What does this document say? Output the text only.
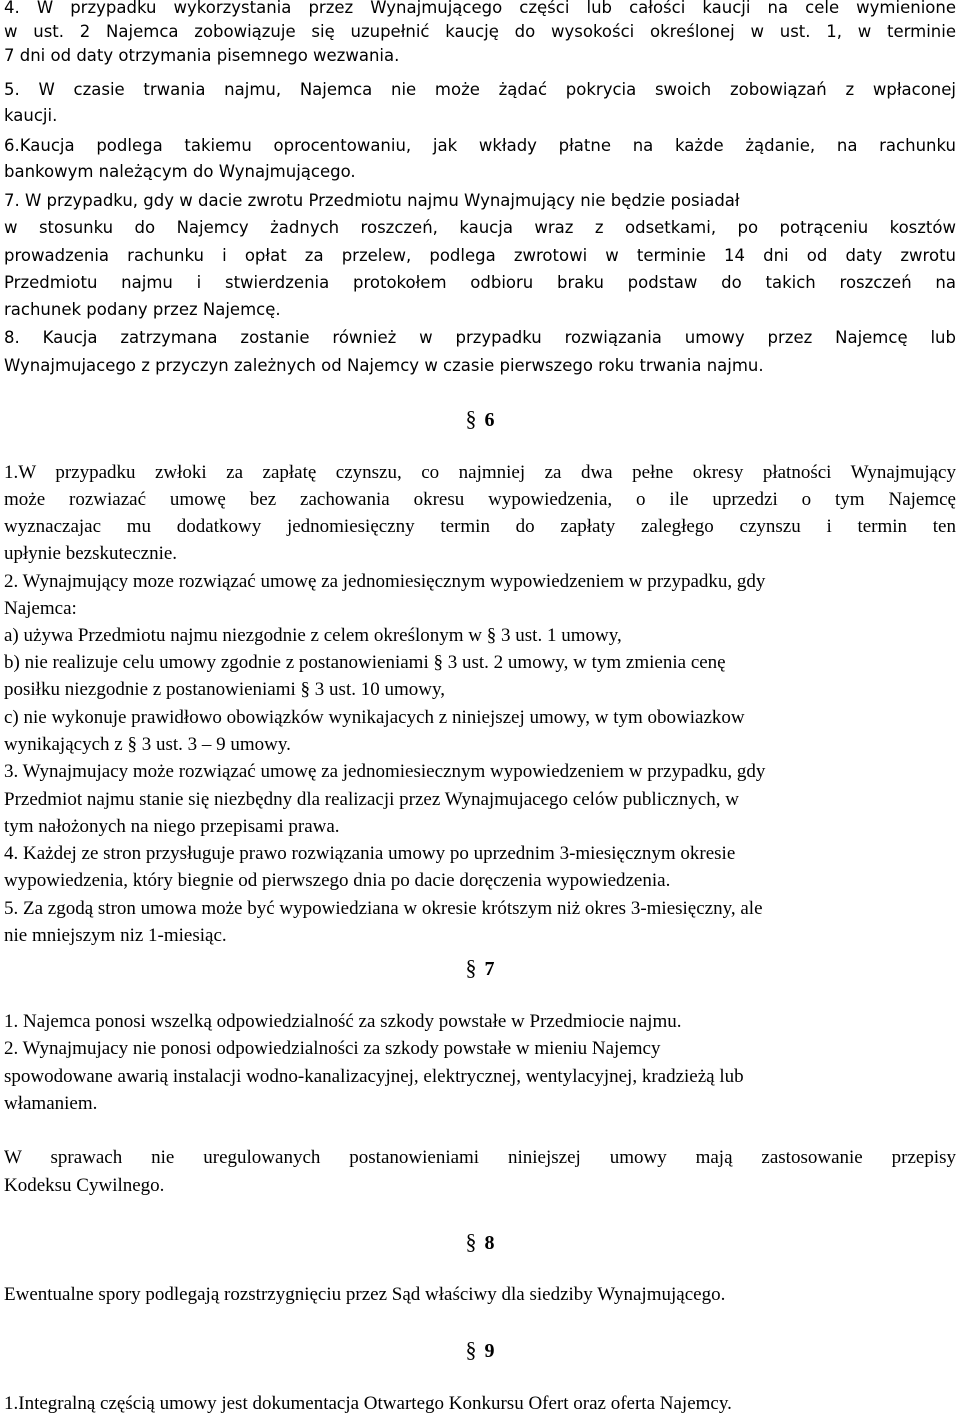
4. W przypadku wykorzystania przez Wynajmującego części lub całości kaucji na cele wymienione
w ust. 2 Najemca zobowiązuje się uzupełnić kaucję do wysokości określonej w ust. 1, w terminie
7 dni od daty otrzymania pisemnego wezwania.
5. W czasie trwania najmu, Najemca nie może żądać pokrycia swoich zobowiązań z wpłaconej
kaucji.
6.Kaucja podlega takiemu oprocentowaniu, jak wkłady płatne na każde żądanie, na rachunku
bankowym należącym do Wynajmującego.
7. W przypadku, gdy w dacie zwrotu Przedmiotu najmu Wynajmujący nie będzie posiadał
w stosunku do Najemcy żadnych roszczeń, kaucja wraz z odsetkami, po potrąceniu kosztów
prowadzenia rachunku i opłat za przelew, podlega zwrotowi w terminie 14 dni od daty zwrotu
Przedmiotu najmu i stwierdzenia protokołem odbioru braku podstaw do takich roszczeń na
rachunek podany przez Najemcę.
8. Kaucja zatrzymana zostanie również w przypadku rozwiązania umowy przez Najemcę lub
Wynajmujacego z przyczyn zależnych od Najemcy w czasie pierwszego roku trwania najmu.
§ 6
1.W przypadku zwłoki za zapłatę czynszu, co najmniej za dwa pełne okresy płatności Wynajmujący
może rozwiazać umowę bez zachowania okresu wypowiedzenia, o ile uprzedzi o tym Najemcę
wyznaczajac mu dodatkowy jednomiesięczny termin do zapłaty zaległego czynszu i termin ten
upłynie bezskutecznie.
2. Wynajmujący moze rozwiązać umowę za jednomiesięcznym wypowiedzeniem w przypadku, gdy
Najemca:
a) używa Przedmiotu najmu niezgodnie z celem określonym w § 3 ust. 1 umowy,
b) nie realizuje celu umowy zgodnie z postanowieniami § 3 ust. 2 umowy, w tym zmienia cenę
posiłku niezgodnie z postanowieniami § 3 ust. 10 umowy,
c) nie wykonuje prawidłowo obowiązków wynikajacych z niniejszej umowy, w tym obowiazkow
wynikających z § 3 ust. 3 – 9 umowy.
3. Wynajmujacy może rozwiązać umowę za jednomiesiecznym wypowiedzeniem w przypadku, gdy
Przedmiot najmu stanie się niezbędny dla realizacji przez Wynajmujacego celów publicznych, w
tym nałożonych na niego przepisami prawa.
4. Każdej ze stron przysługuje prawo rozwiązania umowy po uprzednim 3-miesięcznym okresie
wypowiedzenia, który biegnie od pierwszego dnia po dacie doręczenia wypowiedzenia.
5. Za zgodą stron umowa może być wypowiedziana w okresie krótszym niż okres 3-miesięczny, ale
nie mniejszym niz 1-miesiąc.
§ 7
1. Najemca ponosi wszelką odpowiedzialność za szkody powstałe w Przedmiocie najmu.
2. Wynajmujacy nie ponosi odpowiedzialności za szkody powstałe w mieniu Najemcy
spowodowane awarią instalacji wodno-kanalizacyjnej, elektrycznej, wentylacyjnej, kradzieżą lub
włamaniem.
W sprawach nie uregulowanych postanowieniami niniejszej umowy mają zastosowanie przepisy
Kodeksu Cywilnego.
§ 8
Ewentualne spory podlegają rozstrzygnięciu przez Sąd właściwy dla siedziby Wynajmującego.
§ 9
1.Integralną częścią umowy jest dokumentacja Otwartego Konkursu Ofert oraz oferta Najemcy.
